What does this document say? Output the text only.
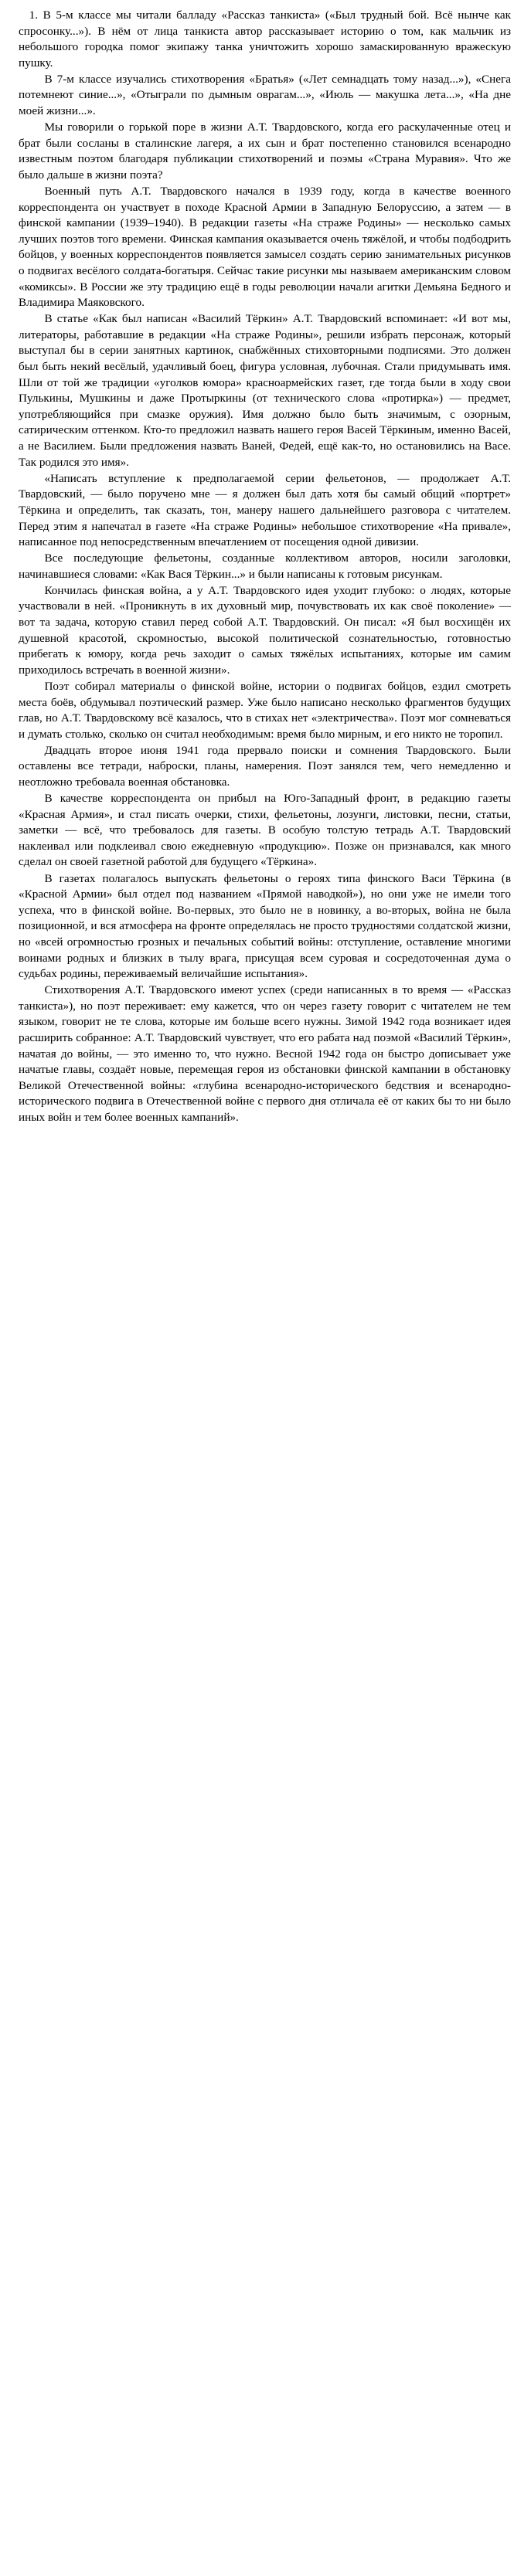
1. В 5-м классе мы читали балладу «Рассказ танкиста» («Был трудный бой. Всё нынче как спросонку...»). В нём от лица танкиста автор рассказывает историю о том, как мальчик из небольшого городка помог экипажу танка уничтожить хорошо замаскированную вражескую пушку.

В 7-м классе изучались стихотворения «Братья» («Лет семнадцать тому назад...»), «Снега потемнеют синие...», «Отыграли по дымным оврагам...», «Июль — макушка лета...», «На дне моей жизни...».

Мы говорили о горькой поре в жизни А.Т. Твардовского, когда его раскулаченные отец и брат были сосланы в сталинские лагеря, а их сын и брат постепенно становился всенародно известным поэтом благодаря публикации стихотворений и поэмы «Страна Муравия». Что же было дальше в жизни поэта?

Военный путь А.Т. Твардовского начался в 1939 году, когда в качестве военного корреспондента он участвует в походе Красной Армии в Западную Белоруссию, а затем — в финской кампании (1939–1940). В редакции газеты «На страже Родины» — несколько самых лучших поэтов того времени. Финская кампания оказывается очень тяжёлой, и чтобы подбодрить бойцов, у военных корреспондентов появляется замысел создать серию занимательных рисунков о подвигах весёлого солдата-богатыря. Сейчас такие рисунки мы называем американским словом «комиксы». В России же эту традицию ещё в годы революции начали агитки Демьяна Бедного и Владимира Маяковского.

В статье «Как был написан «Василий Тёркин» А.Т. Твардовский вспоминает: «И вот мы, литераторы, работавшие в редакции «На страже Родины», решили избрать персонаж, который выступал бы в серии занятных картинок, снабжённых стиховторными подписями. Это должен был быть некий весёлый, удачливый боец, фигура условная, лубочная. Стали придумывать имя. Шли от той же традиции «уголков юмора» красноармейских газет, где тогда были в ходу свои Пулькины, Мушкины и даже Протыркины (от технического слова «протирка») — предмет, употребляющийся при смазке оружия). Имя должно было быть значимым, с озорным, сатирическим оттенком. Кто-то предложил назвать нашего героя Васей Тёркиным, именно Васей, а не Василием. Были предложения назвать Ваней, Федей, ещё как-то, но остановились на Васе. Так родился это имя».

«Написать вступление к предполагаемой серии фельетонов, — продолжает А.Т. Твардовский, — было поручено мне — я должен был дать хотя бы самый общий «портрет» Тёркина и определить, так сказать, тон, манеру нашего дальнейшего разговора с читателем. Перед этим я напечатал в газете «На страже Родины» небольшое стихотворение «На привале», написанное под непосредственным впечатлением от посещения одной дивизии.

Все последующие фельетоны, созданные коллективом авторов, носили заголовки, начинавшиеся словами: «Как Вася Тёркин...» и были написаны к готовым рисункам.

Кончилась финская война, а у А.Т. Твардовского идея уходит глубоко: о людях, которые участвовали в ней. «Проникнуть в их духовный мир, почувствовать их как своё поколение» — вот та задача, которую ставил перед собой А.Т. Твардовский. Он писал: «Я был восхищён их душевной красотой, скромностью, высокой политической сознательностью, готовностью прибегать к юмору, когда речь заходит о самых тяжёлых испытаниях, которые им самим приходилось встречать в военной жизни».

Поэт собирал материалы о финской войне, истории о подвигах бойцов, ездил смотреть места боёв, обдумывал поэтический размер. Уже было написано несколько фрагментов будущих глав, но А.Т. Твардовскому всё казалось, что в стихах нет «электричества». Поэт мог сомневаться и думать столько, сколько он считал необходимым: время было мирным, и его никто не торопил.

Двадцать второе июня 1941 года прервало поиски и сомнения Твардовского. Были оставлены все тетради, наброски, планы, намерения. Поэт занялся тем, чего немедленно и неотложно требовала военная обстановка.

В качестве корреспондента он прибыл на Юго-Западный фронт, в редакцию газеты «Красная Армия», и стал писать очерки, стихи, фельетоны, лозунги, листовки, песни, статьи, заметки — всё, что требовалось для газеты. В особую толстую тетрадь А.Т. Твардовский наклеивал или подклеивал свою ежедневную «продукцию». Позже он признавался, как много сделал он своей газетной работой для будущего «Тёркина».

В газетах полагалось выпускать фельетоны о героях типа финского Васи Тёркина (в «Красной Армии» был отдел под названием «Прямой наводкой»), но они уже не имели того успеха, что в финской войне. Во-первых, это было не в новинку, а во-вторых, война не была позиционной, и вся атмосфера на фронте определялась не просто трудностями солдатской жизни, но «всей огромностью грозных и печальных событий войны: отступление, оставление многими воинами родных и близких в тылу врага, присущая всем суровая и сосредоточенная дума о судьбах родины, переживаемый величайшие испытания».

Стихотворения А.Т. Твардовского имеют успех (среди написанных в то время — «Рассказ танкиста»), но поэт переживает: ему кажется, что он через газету говорит с читателем не тем языком, говорит не те слова, которые им больше всего нужны. Зимой 1942 года возникает идея расширить собранное: А.Т. Твардовский чувствует, что его рабата над поэмой «Василий Тёркин», начатая до войны, — это именно то, что нужно. Весной 1942 года он быстро дописывает уже начатые главы, создаёт новые, перемещая героя из обстановки финской кампании в обстановку Великой Отечественной войны: «глубина всенародно-исторического бедствия и всенародно-исторического подвига в Отечественной войне с первого дня отличала её от каких бы то ни было иных войн и тем более военных кампаний».
